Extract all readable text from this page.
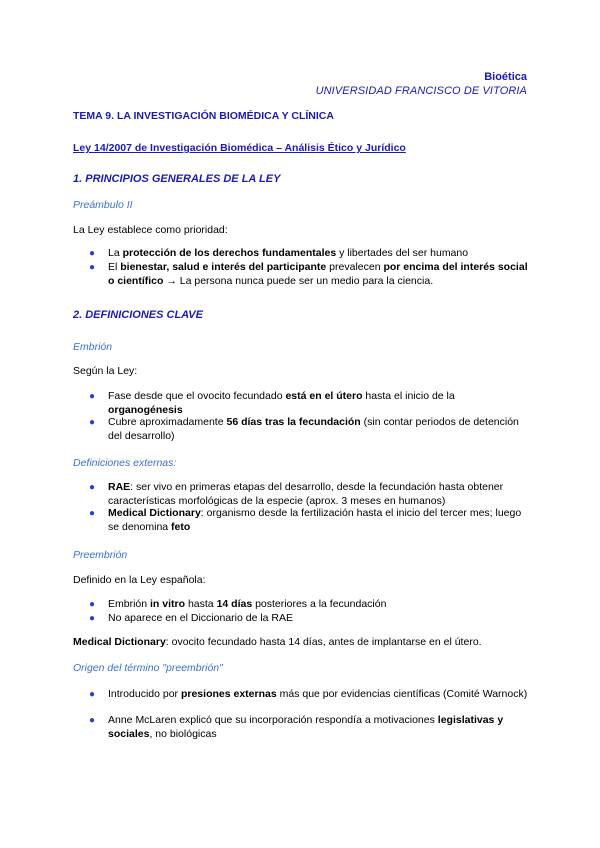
Bioética
UNIVERSIDAD FRANCISCO DE VITORIA
TEMA 9. LA INVESTIGACIÓN BIOMÉDICA Y CLÍNICA
Ley 14/2007 de Investigación Biomédica – Análisis Ético y Jurídico
1. PRINCIPIOS GENERALES DE LA LEY
Preámbulo II
La Ley establece como prioridad:
● La protección de los derechos fundamentales y libertades del ser humano
● El bienestar, salud e interés del participante prevalecen por encima del interés social o científico → La persona nunca puede ser un medio para la ciencia.
2. DEFINICIONES CLAVE
Embrión
Según la Ley:
● Fase desde que el ovocito fecundado está en el útero hasta el inicio de la organogénesis
● Cubre aproximadamente 56 días tras la fecundación (sin contar periodos de detención del desarrollo)
Definiciones externas:
● RAE: ser vivo en primeras etapas del desarrollo, desde la fecundación hasta obtener características morfológicas de la especie (aprox. 3 meses en humanos)
● Medical Dictionary: organismo desde la fertilización hasta el inicio del tercer mes; luego se denomina feto
Preembrión
Definido en la Ley española:
● Embrión in vitro hasta 14 días posteriores a la fecundación
● No aparece en el Diccionario de la RAE
Medical Dictionary: ovocito fecundado hasta 14 días, antes de implantarse en el útero.
Origen del término "preembrión"
● Introducido por presiones externas más que por evidencias científicas (Comité Warnock)
● Anne McLaren explicó que su incorporación respondía a motivaciones legislativas y sociales, no biológicas
